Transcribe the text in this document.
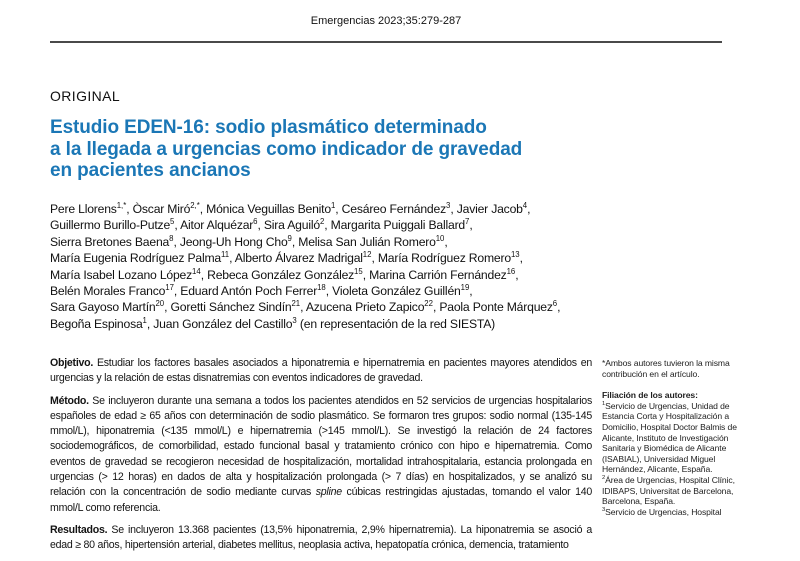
Emergencias 2023;35:279-287
ORIGINAL
Estudio EDEN-16: sodio plasmático determinado
a la llegada a urgencias como indicador de gravedad
en pacientes ancianos
Pere Llorens$^{1,*}$, Òscar Miró$^{2,*}$, Mónica Veguillas Benito$^1$, Cesáreo Fernández$^3$, Javier Jacob$^4$,
Guillermo Burillo-Putze$^5$, Aitor Alquézar$^6$, Sira Aguiló$^2$, Margarita Puiggali Ballard$^7$,
Sierra Bretones Baena$^8$, Jeong-Uh Hong Cho$^9$, Melisa San Julián Romero$^{10}$,
María Eugenia Rodríguez Palma$^{11}$, Alberto Álvarez Madrigal$^{12}$, María Rodríguez Romero$^{13}$,
María Isabel Lozano López$^{14}$, Rebeca González González$^{15}$, Marina Carrión Fernández$^{16}$,
Belén Morales Franco$^{17}$, Eduard Antón Poch Ferrer$^{18}$, Violeta González Guillén$^{19}$,
Sara Gayoso Martín$^{20}$, Goretti Sánchez Sindín$^{21}$, Azucena Prieto Zapico$^{22}$, Paola Ponte Márquez$^6$,
Begoña Espinosa$^1$, Juan González del Castillo$^3$ (en representación de la red SIESTA)

Objetivo. Estudiar los factores basales asociados a hiponatremia e hipernatremia en pacientes mayores atendidos en urgencias y la relación de estas disnatremias con eventos indicadores de gravedad.

Método. Se incluyeron durante una semana a todos los pacientes atendidos en 52 servicios de urgencias hospitalarios españoles de edad ≥ 65 años con determinación de sodio plasmático. Se formaron tres grupos: sodio normal (135-145 mmol/L), hiponatremia (<135 mmol/L) e hipernatremia (>145 mmol/L). Se investigó la relación de 24 factores sociodemográficos, de comorbilidad, estado funcional basal y tratamiento crónico con hipo e hipernatremia. Como eventos de gravedad se recogieron necesidad de hospitalización, mortalidad intrahospitalaria, estancia prolongada en urgencias (> 12 horas) en dados de alta y hospitalización prolongada (> 7 días) en hospitalizados, y se analizó su relación con la concentración de sodio mediante curvas spline cúbicas restringidas ajustadas, tomando el valor 140 mmol/L como referencia.

Resultados. Se incluyeron 13.368 pacientes (13,5% hiponatremia, 2,9% hipernatremia). La hiponatremia se asoció a edad ≥ 80 años, hipertensión arterial, diabetes mellitus, neoplasia activa, hepatopatía crónica, demencia, tratamiento

*Ambos autores tuvieron la misma contribución en el artículo.

Filiación de los autores:
$^1$Servicio de Urgencias, Unidad de Estancia Corta y Hospitalización a Domicilio, Hospital Doctor Balmis de Alicante, Instituto de Investigación Sanitaria y Biomédica de Alicante (ISABIAL), Universidad Miguel Hernández, Alicante, España.
$^2$Área de Urgencias, Hospital Clínic, IDIBAPS, Universitat de Barcelona, Barcelona, España.
$^3$Servicio de Urgencias, Hospital
